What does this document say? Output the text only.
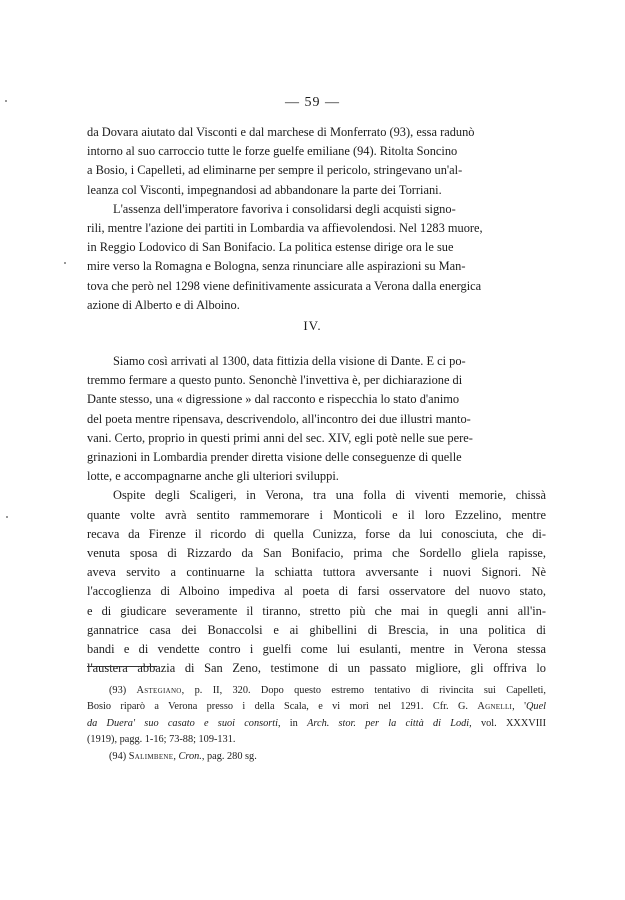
— 59 —

da Dovara aiutato dal Visconti e dal marchese di Monferrato (93), essa radunò
intorno al suo carroccio tutte le forze guelfe emiliane (94). Ritolta Soncino
a Bosio, i Capelleti, ad eliminarne per sempre il pericolo, stringevano un'al-
leanza col Visconti, impegnandosi ad abbandonare la parte dei Torriani.

L'assenza dell'imperatore favoriva i consolidarsi degli acquisti signo-
rili, mentre l'azione dei partiti in Lombardia va affievolendosi. Nel 1283 muore,
in Reggio Lodovico di San Bonifacio. La politica estense dirige ora le sue
mire verso la Romagna e Bologna, senza rinunciare alle aspirazioni su Man-
tova che però nel 1298 viene definitivamente assicurata a Verona dalla energica
azione di Alberto e di Alboino.

IV.

Siamo così arrivati al 1300, data fittizia della visione di Dante. E ci po-
tremmo fermare a questo punto. Senonchè l'invettiva è, per dichiarazione di
Dante stesso, una « digressione » dal racconto e rispecchia lo stato d'animo
del poeta mentre ripensava, descrivendolo, all'incontro dei due illustri manto-
vani. Certo, proprio in questi primi anni del sec. XIV, egli potè nelle sue pere-
grinazioni in Lombardia prender diretta visione delle conseguenze di quelle
lotte, e accompagnarne anche gli ulteriori sviluppi.

Ospite degli Scaligeri, in Verona, tra una folla di viventi memorie, chissà
quante volte avrà sentito rammemorare i Monticoli e il loro Ezzelino, mentre
recava da Firenze il ricordo di quella Cunizza, forse da lui conosciuta, che di-
venuta sposa di Rizzardo da San Bonifacio, prima che Sordello gliela rapisse,
aveva servito a continuarne la schiatta tuttora avversante i nuovi Signori. Nè
l'accoglienza di Alboino impediva al poeta di farsi osservatore del nuovo stato,
e di giudicare severamente il tiranno, stretto più che mai in quegli anni all'in-
gannatrice casa dei Bonaccolsi e ai ghibellini di Brescia, in una politica di
bandi e di vendette contro i guelfi come lui esulanti, mentre in Verona stessa
l'austera abbazia di San Zeno, testimone di un passato migliore, gli offriva lo

(93) Astegiano, p. II, 320. Dopo questo estremo tentativo di rivincita sui Capelleti,
Bosio riparò a Verona presso i della Scala, e vi morì nel 1291. Cfr. G. Agnelli, 'Quel
da Duera' suo casato e suoi consorti, in Arch. stor. per la città di Lodi, vol. XXXVIII
(1919), pagg. 1-16; 73-88; 109-131.

(94) Salimbene, Cron., pag. 280 sg.
